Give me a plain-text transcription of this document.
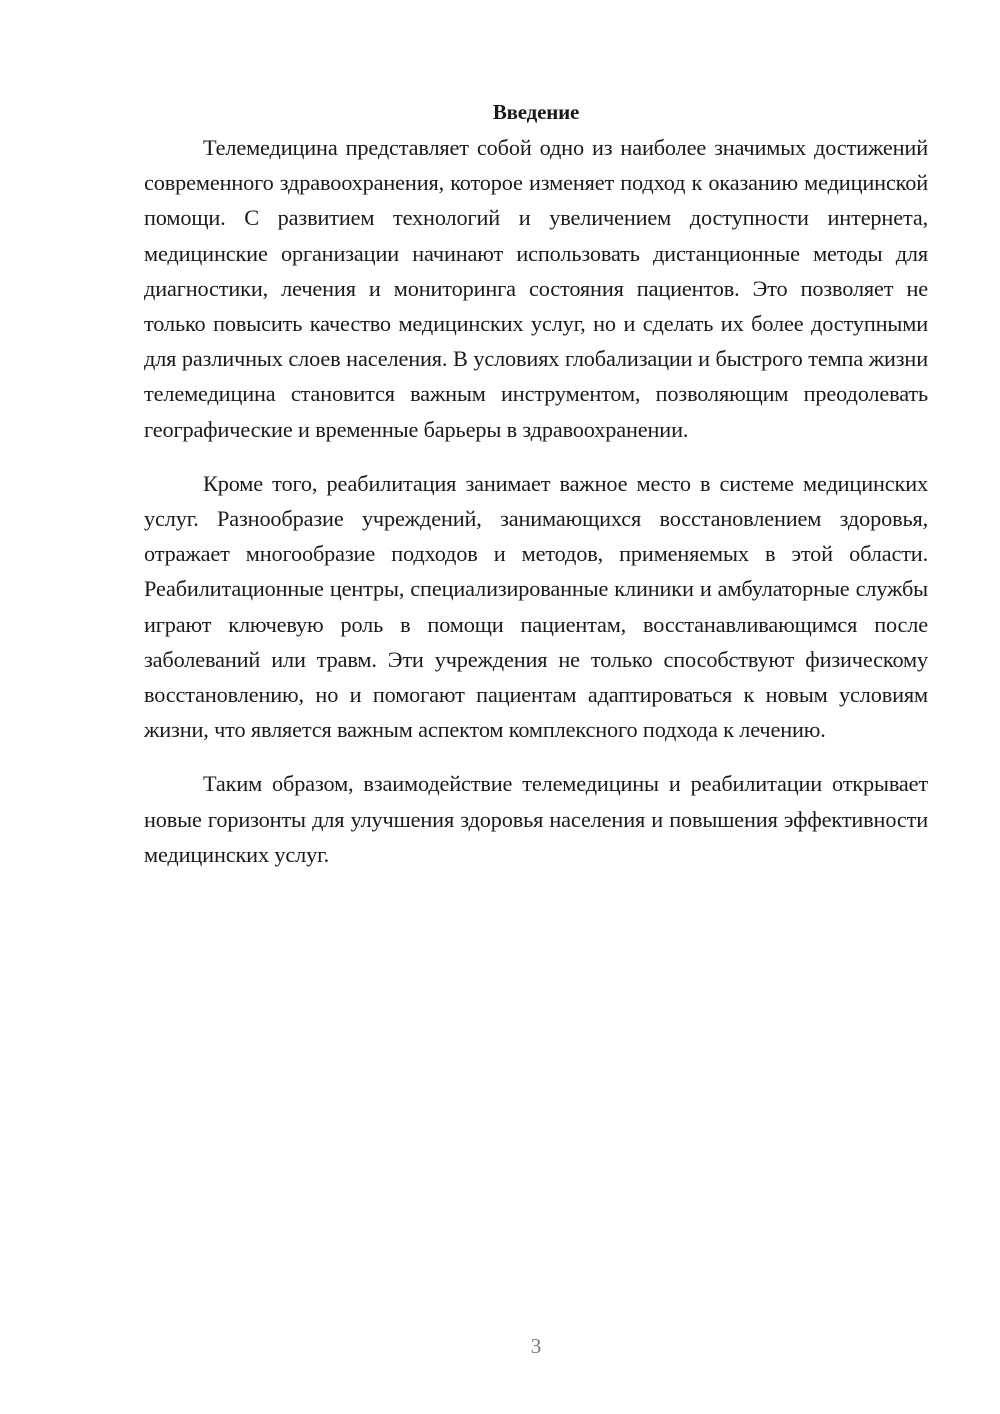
Введение

Телемедицина представляет собой одно из наиболее значимых достижений современного здравоохранения, которое изменяет подход к оказанию медицинской помощи. С развитием технологий и увеличением доступности интернета, медицинские организации начинают использовать дистанционные методы для диагностики, лечения и мониторинга состояния пациентов. Это позволяет не только повысить качество медицинских услуг, но и сделать их более доступными для различных слоев населения. В условиях глобализации и быстрого темпа жизни телемедицина становится важным инструментом, позволяющим преодолевать географические и временные барьеры в здравоохранении.

Кроме того, реабилитация занимает важное место в системе медицинских услуг. Разнообразие учреждений, занимающихся восстановлением здоровья, отражает многообразие подходов и методов, применяемых в этой области. Реабилитационные центры, специализированные клиники и амбулаторные службы играют ключевую роль в помощи пациентам, восстанавливающимся после заболеваний или травм. Эти учреждения не только способствуют физическому восстановлению, но и помогают пациентам адаптироваться к новым условиям жизни, что является важным аспектом комплексного подхода к лечению.

Таким образом, взаимодействие телемедицины и реабилитации открывает новые горизонты для улучшения здоровья населения и повышения эффективности медицинских услуг.

3
